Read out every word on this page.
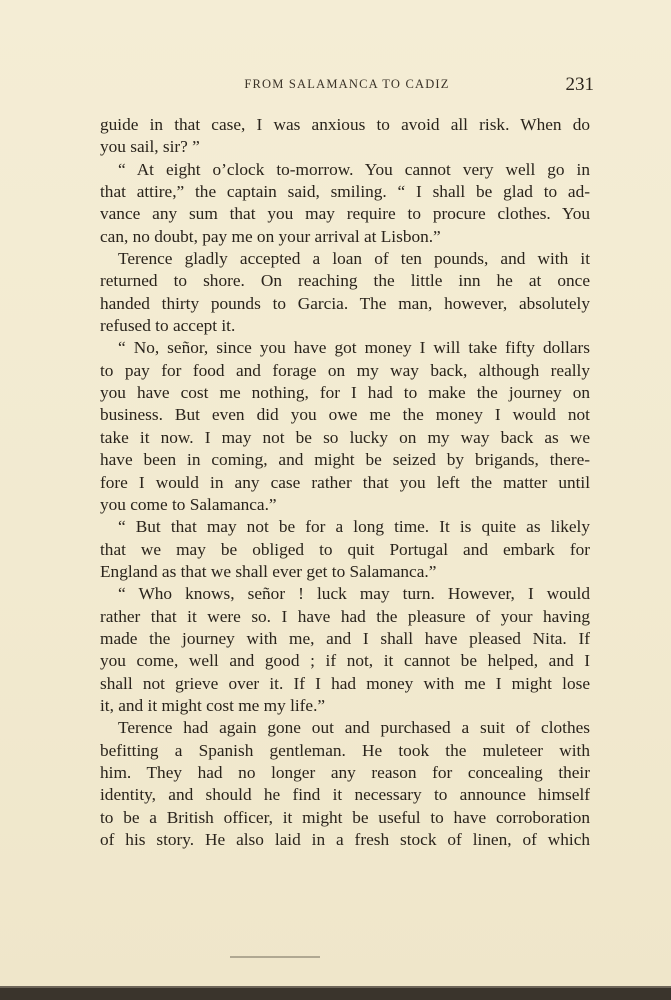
FROM SALAMANCA TO CADIZ	231
guide in that case, I was anxious to avoid all risk. When do
you sail, sir? ”
“ At eight o’clock to-morrow. You cannot very well go in
that attire,” the captain said, smiling. “ I shall be glad to ad-
vance any sum that you may require to procure clothes. You
can, no doubt, pay me on your arrival at Lisbon.”
Terence gladly accepted a loan of ten pounds, and with it
returned to shore. On reaching the little inn he at once
handed thirty pounds to Garcia. The man, however, absolutely
refused to accept it.
“ No, señor, since you have got money I will take fifty dollars
to pay for food and forage on my way back, although really
you have cost me nothing, for I had to make the journey on
business. But even did you owe me the money I would not
take it now. I may not be so lucky on my way back as we
have been in coming, and might be seized by brigands, there-
fore I would in any case rather that you left the matter until
you come to Salamanca.”
“ But that may not be for a long time. It is quite as likely
that we may be obliged to quit Portugal and embark for
England as that we shall ever get to Salamanca.”
“ Who knows, señor ! luck may turn. However, I would
rather that it were so. I have had the pleasure of your having
made the journey with me, and I shall have pleased Nita. If
you come, well and good ; if not, it cannot be helped, and I
shall not grieve over it. If I had money with me I might lose
it, and it might cost me my life.”
Terence had again gone out and purchased a suit of clothes
befitting a Spanish gentleman. He took the muleteer with
him. They had no longer any reason for concealing their
identity, and should he find it necessary to announce himself
to be a British officer, it might be useful to have corroboration
of his story. He also laid in a fresh stock of linen, of which
